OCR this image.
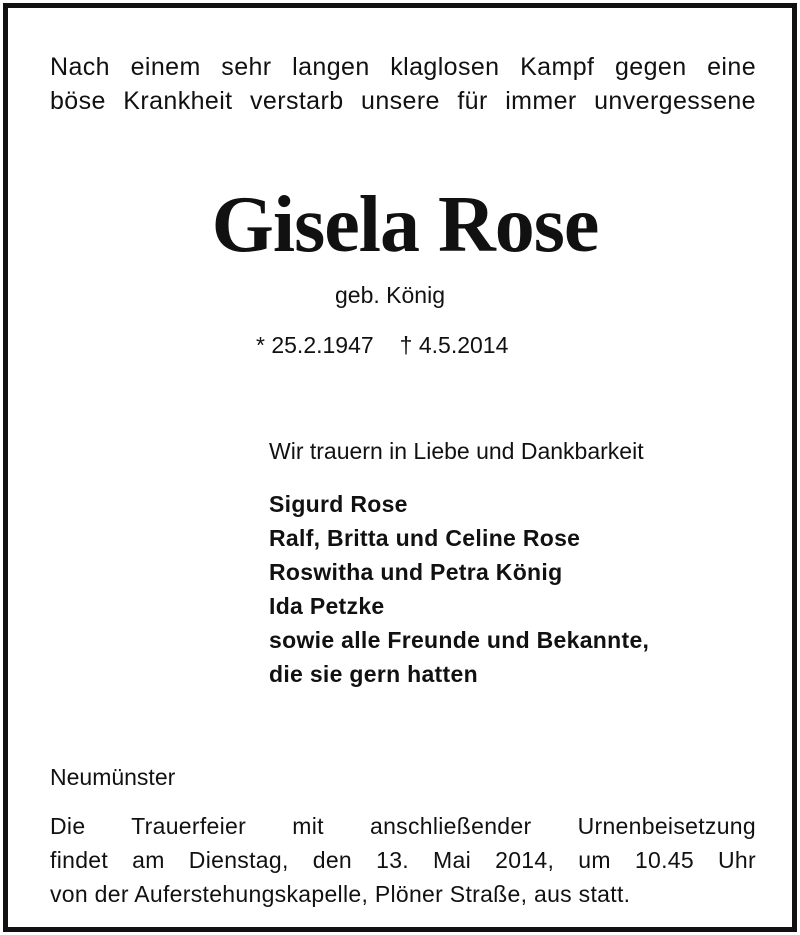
Nach einem sehr langen klaglosen Kampf gegen eine
böse Krankheit verstarb unsere für immer unvergessene
Gisela Rose
geb. König
* 25.2.1947 † 4.5.2014
Wir trauern in Liebe und Dankbarkeit
Sigurd Rose
Ralf, Britta und Celine Rose
Roswitha und Petra König
Ida Petzke
sowie alle Freunde und Bekannte,
die sie gern hatten
Neumünster
Die Trauerfeier mit anschließender Urnenbeisetzung
findet am Dienstag, den 13. Mai 2014, um 10.45 Uhr
von der Auferstehungskapelle, Plöner Straße, aus statt.
